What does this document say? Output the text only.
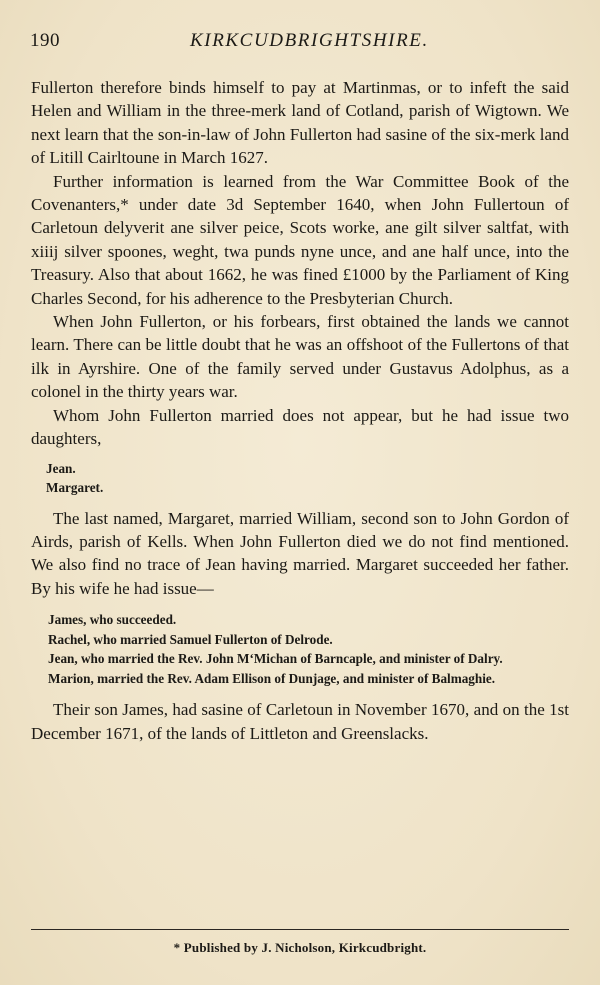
190	KIRKCUDBRIGHTSHIRE.

Fullerton therefore binds himself to pay at Martinmas, or to infeft the said Helen and William in the three-merk land of Cotland, parish of Wigtown. We next learn that the son-in-law of John Fullerton had sasine of the six-merk land of Litill Cairltoune in March 1627.

Further information is learned from the War Committee Book of the Covenanters,* under date 3d September 1640, when John Fullertoun of Carletoun delyverit ane silver peice, Scots worke, ane gilt silver saltfat, with xiiij silver spoones, weght, twa punds nyne unce, and ane half unce, into the Treasury. Also that about 1662, he was fined £1000 by the Parliament of King Charles Second, for his adherence to the Presbyterian Church.

When John Fullerton, or his forbears, first obtained the lands we cannot learn. There can be little doubt that he was an offshoot of the Fullertons of that ilk in Ayrshire. One of the family served under Gustavus Adolphus, as a colonel in the thirty years war.

Whom John Fullerton married does not appear, but he had issue two daughters,

Jean.
Margaret.

The last named, Margaret, married William, second son to John Gordon of Airds, parish of Kells. When John Fullerton died we do not find mentioned. We also find no trace of Jean having married. Margaret succeeded her father. By his wife he had issue—

James, who succeeded.
Rachel, who married Samuel Fullerton of Delrode.
Jean, who married the Rev. John M‘Michan of Barncaple, and minister of Dalry.
Marion, married the Rev. Adam Ellison of Dunjage, and minister of Balmaghie.

Their son James, had sasine of Carletoun in November 1670, and on the 1st December 1671, of the lands of Littleton and Greenslacks.

* Published by J. Nicholson, Kirkcudbright.
